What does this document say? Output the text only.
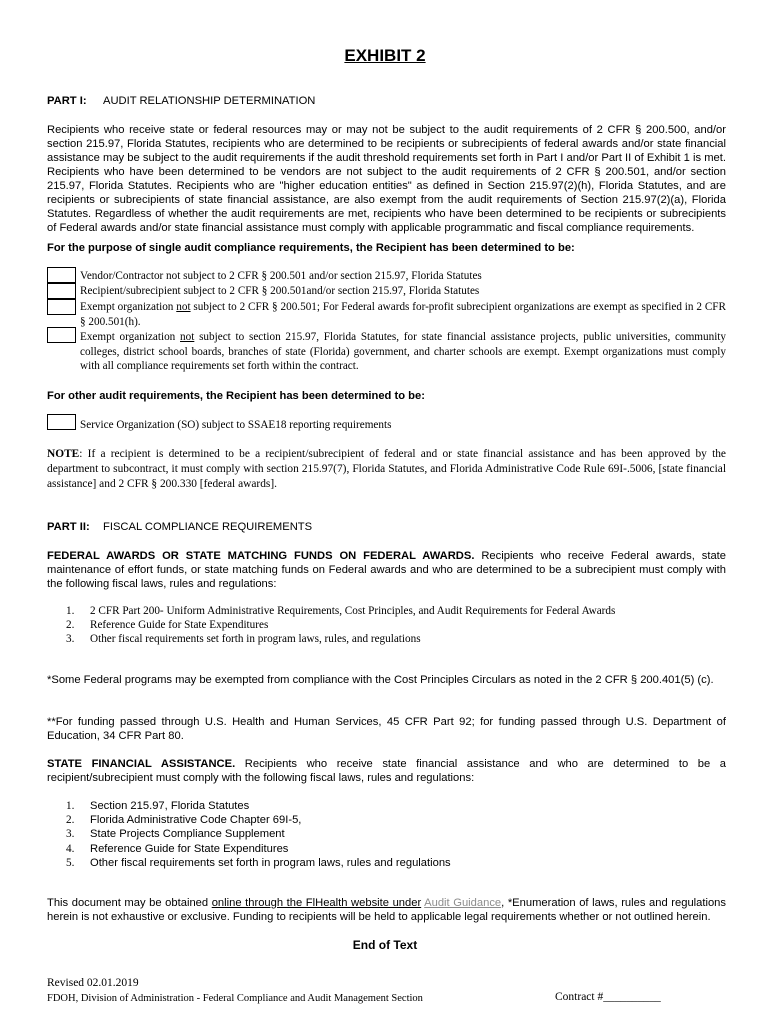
EXHIBIT 2
PART I: AUDIT RELATIONSHIP DETERMINATION
Recipients who receive state or federal resources may or may not be subject to the audit requirements of 2 CFR § 200.500, and/or section 215.97, Florida Statutes, recipients who are determined to be recipients or subrecipients of federal awards and/or state financial assistance may be subject to the audit requirements if the audit threshold requirements set forth in Part I and/or Part II of Exhibit 1 is met. Recipients who have been determined to be vendors are not subject to the audit requirements of 2 CFR § 200.501, and/or section 215.97, Florida Statutes. Recipients who are "higher education entities" as defined in Section 215.97(2)(h), Florida Statutes, and are recipients or subrecipients of state financial assistance, are also exempt from the audit requirements of Section 215.97(2)(a), Florida Statutes. Regardless of whether the audit requirements are met, recipients who have been determined to be recipients or subrecipients of Federal awards and/or state financial assistance must comply with applicable programmatic and fiscal compliance requirements.
For the purpose of single audit compliance requirements, the Recipient has been determined to be:
Vendor/Contractor not subject to 2 CFR § 200.501 and/or section 215.97, Florida Statutes
Recipient/subrecipient subject to 2 CFR § 200.501and/or section 215.97, Florida Statutes
Exempt organization not subject to 2 CFR § 200.501; For Federal awards for-profit subrecipient organizations are exempt as specified in 2 CFR § 200.501(h).
Exempt organization not subject to section 215.97, Florida Statutes, for state financial assistance projects, public universities, community colleges, district school boards, branches of state (Florida) government, and charter schools are exempt. Exempt organizations must comply with all compliance requirements set forth within the contract.
For other audit requirements, the Recipient has been determined to be:
Service Organization (SO) subject to SSAE18 reporting requirements
NOTE: If a recipient is determined to be a recipient/subrecipient of federal and or state financial assistance and has been approved by the department to subcontract, it must comply with section 215.97(7), Florida Statutes, and Florida Administrative Code Rule 69I-.5006, [state financial assistance] and 2 CFR § 200.330 [federal awards].
PART II: FISCAL COMPLIANCE REQUIREMENTS
FEDERAL AWARDS OR STATE MATCHING FUNDS ON FEDERAL AWARDS. Recipients who receive Federal awards, state maintenance of effort funds, or state matching funds on Federal awards and who are determined to be a subrecipient must comply with the following fiscal laws, rules and regulations:
1. 2 CFR Part 200- Uniform Administrative Requirements, Cost Principles, and Audit Requirements for Federal Awards
2. Reference Guide for State Expenditures
3. Other fiscal requirements set forth in program laws, rules, and regulations
*Some Federal programs may be exempted from compliance with the Cost Principles Circulars as noted in the 2 CFR § 200.401(5) (c).
**For funding passed through U.S. Health and Human Services, 45 CFR Part 92; for funding passed through U.S. Department of Education, 34 CFR Part 80.
STATE FINANCIAL ASSISTANCE. Recipients who receive state financial assistance and who are determined to be a recipient/subrecipient must comply with the following fiscal laws, rules and regulations:
1. Section 215.97, Florida Statutes
2. Florida Administrative Code Chapter 69I-5,
3. State Projects Compliance Supplement
4. Reference Guide for State Expenditures
5. Other fiscal requirements set forth in program laws, rules and regulations
This document may be obtained online through the FlHealth website under Audit Guidance, *Enumeration of laws, rules and regulations herein is not exhaustive or exclusive. Funding to recipients will be held to applicable legal requirements whether or not outlined herein.
End of Text
Revised 02.01.2019
FDOH, Division of Administration - Federal Compliance and Audit Management Section	Contract #__________
